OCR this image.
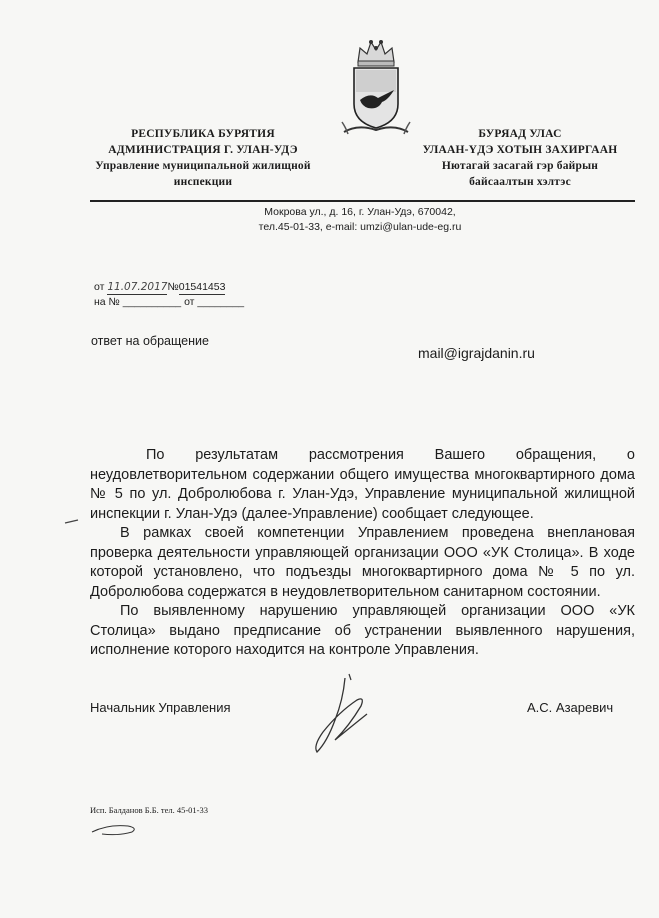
РЕСПУБЛИКА БУРЯТИЯ
АДМИНИСТРАЦИЯ Г. УЛАН-УДЭ
Управление муниципальной жилищной
инспекции
БУРЯАД УЛАС
УЛААН-ҮДЭ ХОТЫН ЗАХИРГААН
Нютагай засагай гэр байрын
байсаалтын хэлтэс
Мокрова ул., д. 16, г. Улан-Удэ, 670042,
тел.45-01-33, e-mail: umzi@ulan-ude-eg.ru
от 11.07.2017№01541453
на № __________ от ________
ответ на обращение
mail@igrajdanin.ru

По результатам рассмотрения Вашего обращения, о неудовлетворительном содержании общего имущества многоквартирного дома № 5 по ул. Добролюбова г. Улан-Удэ, Управление муниципальной жилищной инспекции г. Улан-Удэ (далее-Управление) сообщает следующее.

В рамках своей компетенции Управлением проведена внеплановая проверка деятельности управляющей организации ООО «УК Столица». В ходе которой установлено, что подъезды многоквартирного дома № 5 по ул. Добролюбова содержатся в неудовлетворительном санитарном состоянии.

По выявленному нарушению управляющей организации ООО «УК Столица» выдано предписание об устранении выявленного нарушения, исполнение которого находится на контроле Управления.

Начальник Управления	А.С. Азаревич
Исп. Балданов Б.Б. тел. 45-01-33
